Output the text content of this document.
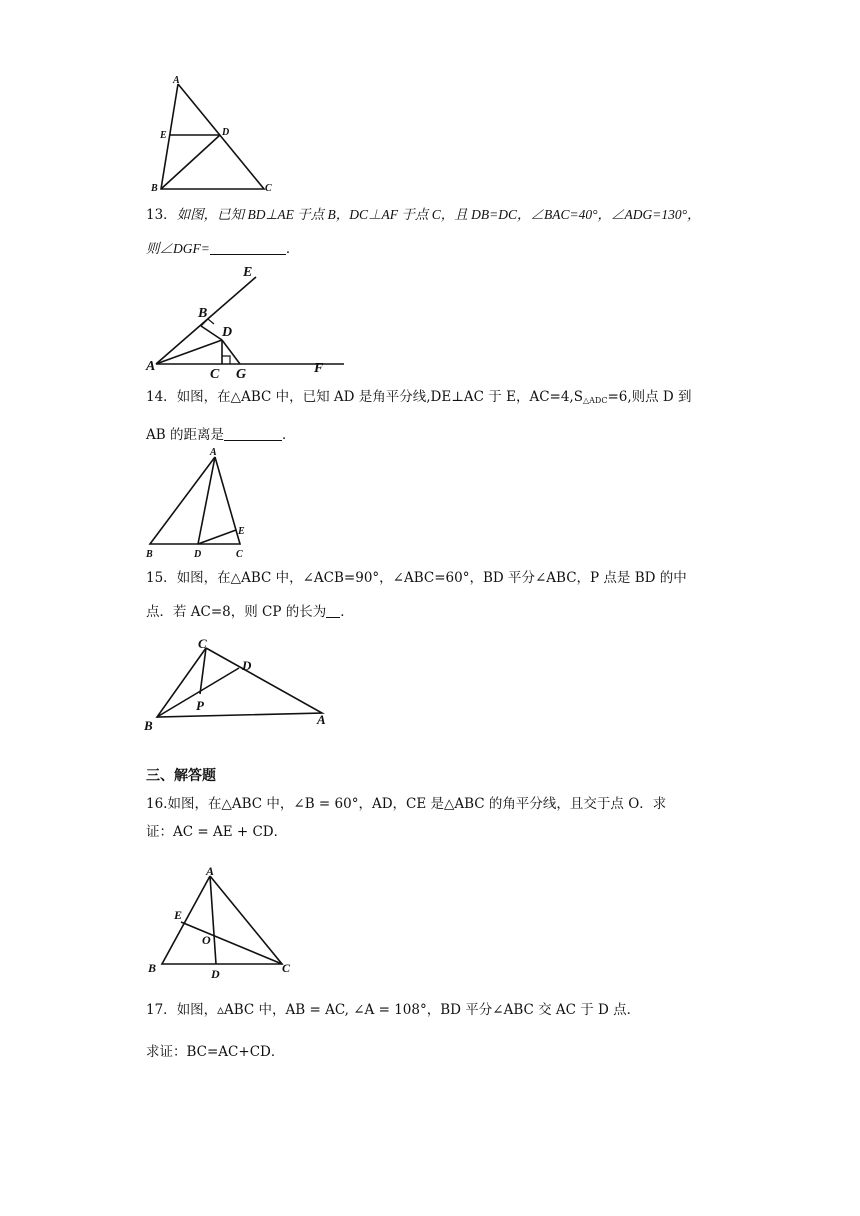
A
E	D
B	C
13．如图，已知 BD⊥AE 于点 B，DC⊥AF 于点 C，且 DB=DC，∠BAC=40°，∠ADG=130°，
则∠DGF=	．
E
B
D
A
C G	F
14．如图，在△ABC 中，已知 AD 是角平分线,DE⊥AC 于 E，$AC=4,S_{\triangle ADC}=6$,则点 D 到
AB 的距离是	．
A
E
B	D	C
15．如图，在△ABC 中，∠ACB=90°，∠ABC=60°，BD 平分∠ABC，P 点是 BD 的中
点．若 AC=8，则 CP 的长为 ．
C
D
P
B	A
三、解答题
16.如图，在△ABC 中，∠B = 60°，AD，CE 是△ABC 的角平分线，且交于点 O．求
证：AC = AE + CD．
A
E
O
B	D	C
17．如图，▵ABC 中，AB = AC, ∠A = 108°，BD 平分∠ABC 交 AC 于 D 点．
求证：BC=AC+CD．
